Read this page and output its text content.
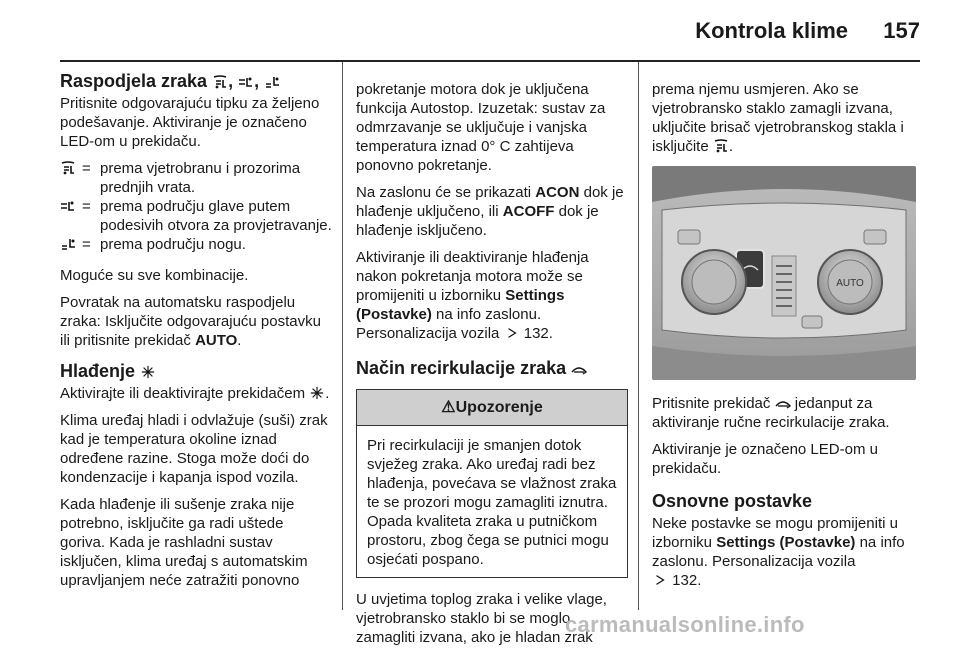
Kontrola klime 157
Raspodjela zraka , ,

Pritisnite odgovarajuću tipku za željeno podešavanje. Aktiviranje je označeno LED-om u prekidaču.

= prema vjetrobranu i prozorima prednjih vrata.
= prema području glave putem podesivih otvora za provjetravanje.
= prema području nogu.

Moguće su sve kombinacije.

Povratak na automatsku raspodjelu zraka: Isključite odgovarajuću postavku ili pritisnite prekidač AUTO.

Hlađenje

Aktivirajte ili deaktivirajte prekidačem .

Klima uređaj hladi i odvlažuje (suši) zrak kad je temperatura okoline iznad određene razine. Stoga može doći do kondenzacije i kapanja ispod vozila.

Kada hlađenje ili sušenje zraka nije potrebno, isključite ga radi uštede goriva. Kada je rashladni sustav isključen, klima uređaj s automatskim upravljanjem neće zatražiti ponovno

pokretanje motora dok je uključena funkcija Autostop. Izuzetak: sustav za odmrzavanje se uključuje i vanjska temperatura iznad 0° C zahtijeva ponovno pokretanje.

Na zaslonu će se prikazati ACON dok je hlađenje uključeno, ili ACOFF dok je hlađenje isključeno.

Aktiviranje ili deaktiviranje hlađenja nakon pokretanja motora može se promijeniti u izborniku Settings (Postavke) na info zaslonu.
Personalizacija vozila 132.

Način recirkulacije zraka
⚠Upozorenje
Pri recirkulaciji je smanjen dotok svježeg zraka. Ako uređaj radi bez hlađenja, povećava se vlažnost zraka te se prozori mogu zamagliti iznutra. Opada kvaliteta zraka u putničkom prostoru, zbog čega se putnici mogu osjećati pospano.

U uvjetima toplog zraka i velike vlage, vjetrobransko staklo bi se moglo zamagliti izvana, ako je hladan zrak

prema njemu usmjeren. Ako se vjetrobransko staklo zamagli izvana, uključite brisač vjetrobranskog stakla i isključite .

AUTO

Pritisnite prekidač jedanput za aktiviranje ručne recirkulacije zraka.

Aktiviranje je označeno LED-om u prekidaču.

Osnovne postavke

Neke postavke se mogu promijeniti u izborniku Settings (Postavke) na info zaslonu. Personalizacija vozila
132.

carmanualsonline.info
